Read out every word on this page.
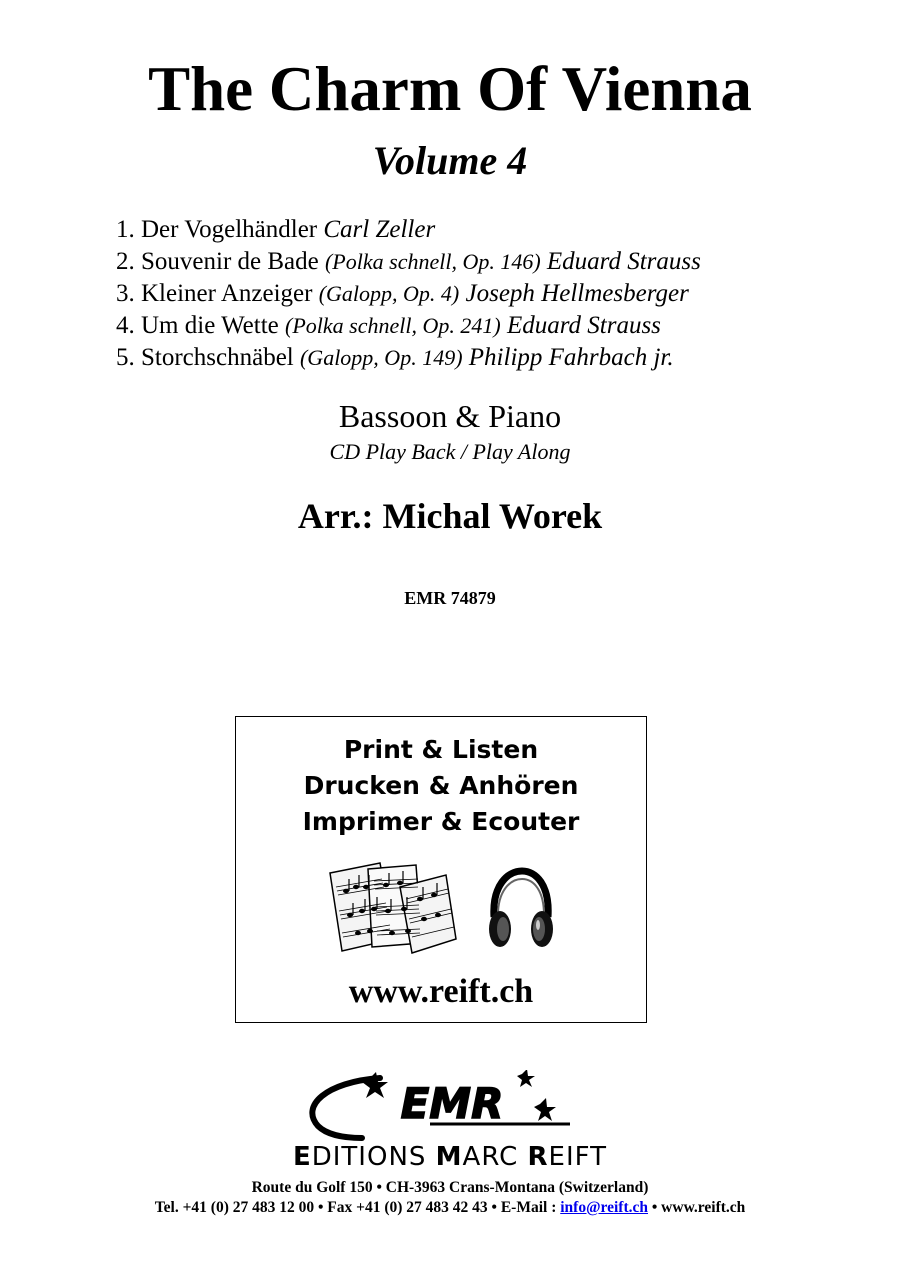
The Charm Of Vienna
Volume 4
1. Der Vogelhändler Carl Zeller
2. Souvenir de Bade (Polka schnell, Op. 146) Eduard Strauss
3. Kleiner Anzeiger (Galopp, Op. 4) Joseph Hellmesberger
4. Um die Wette (Polka schnell, Op. 241) Eduard Strauss
5. Storchschnäbel (Galopp, Op. 149) Philipp Fahrbach jr.
Bassoon & Piano
CD Play Back / Play Along
Arr.: Michal Worek
EMR 74879
Print & Listen
Drucken & Anhören
Imprimer & Ecouter
www.reift.ch
EMR
EDITIONS MARC REIFT
Route du Golf 150 • CH-3963 Crans-Montana (Switzerland)
Tel. +41 (0) 27 483 12 00 • Fax +41 (0) 27 483 42 43 • E-Mail : info@reift.ch • www.reift.ch
